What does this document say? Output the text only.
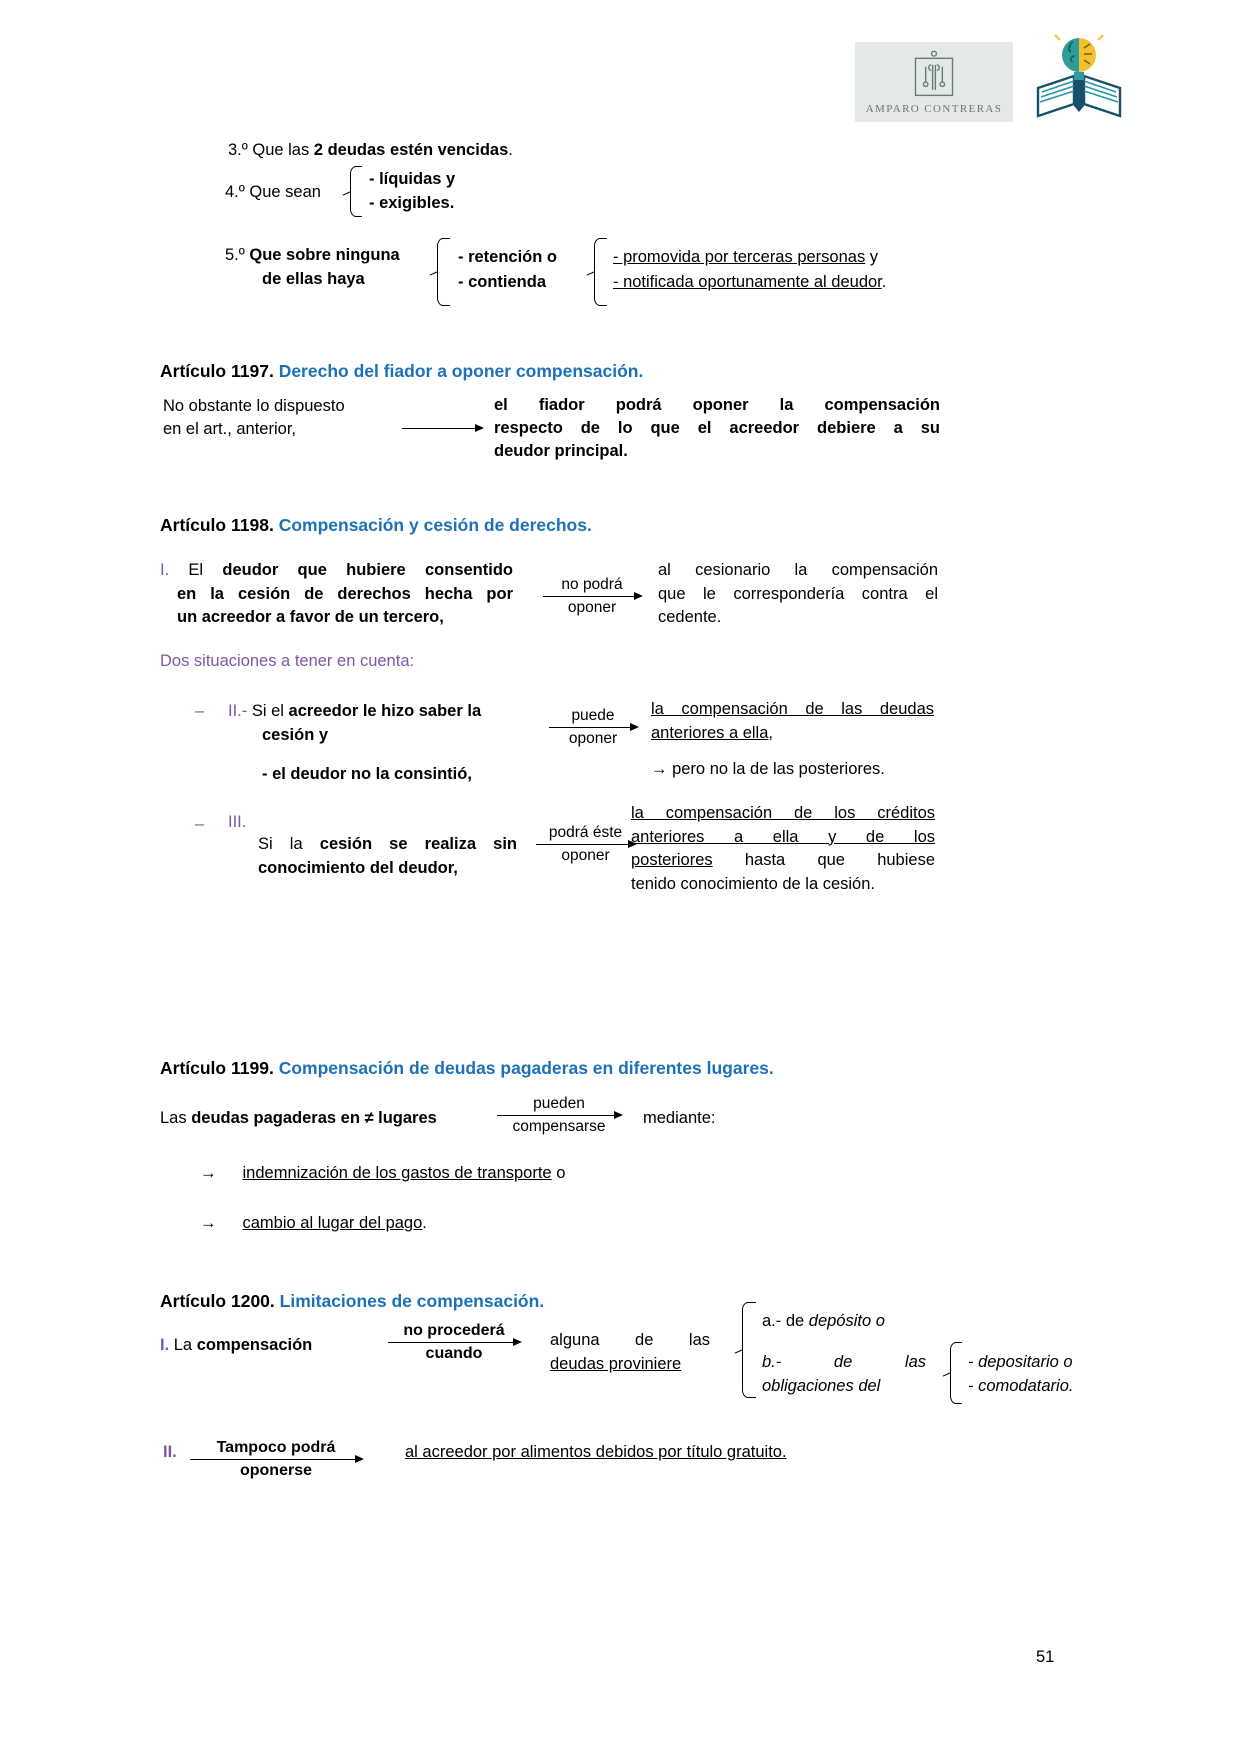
AMPARO CONTRERAS
3.º Que las 2 deudas estén vencidas.
4.º Que sean
- líquidas y
- exigibles.
5.º Que sobre ninguna
de ellas haya
- retención o
- contienda
- promovida por terceras personas y
- notificada oportunamente al deudor.
Artículo 1197. Derecho del fiador a oponer compensación.
No obstante lo dispuesto
en el art., anterior,
el fiador podrá oponer la compensación
respecto de lo que el acreedor debiere a su
deudor principal.
Artículo 1198. Compensación y cesión de derechos.
I. El deudor que hubiere consentido
en la cesión de derechos hecha por
un acreedor a favor de un tercero,
no podrá
oponer
al cesionario la compensación
que le correspondería contra el
cedente.
Dos situaciones a tener en cuenta:
– II.- Si el acreedor le hizo saber la
cesión y
- el deudor no la consintió,
puede
oponer
la compensación de las deudas
anteriores a ella,
→ pero no la de las posteriores.
– III.
Si la cesión se realiza sin
conocimiento del deudor,
podrá éste
oponer
la compensación de los créditos
anteriores a ella y de los
posteriores hasta que hubiese
tenido conocimiento de la cesión.
Artículo 1199. Compensación de deudas pagaderas en diferentes lugares.
Las deudas pagaderas en ≠ lugares
pueden
compensarse mediante:
→ indemnización de los gastos de transporte o
→ cambio al lugar del pago.
Artículo 1200. Limitaciones de compensación.
I. La compensación
no procederá
cuando
alguna de las
deudas proviniere
a.- de depósito o
b.- de las
obligaciones del
- depositario o
- comodatario.
II. Tampoco podrá
oponerse
al acreedor por alimentos debidos por título gratuito.
51
